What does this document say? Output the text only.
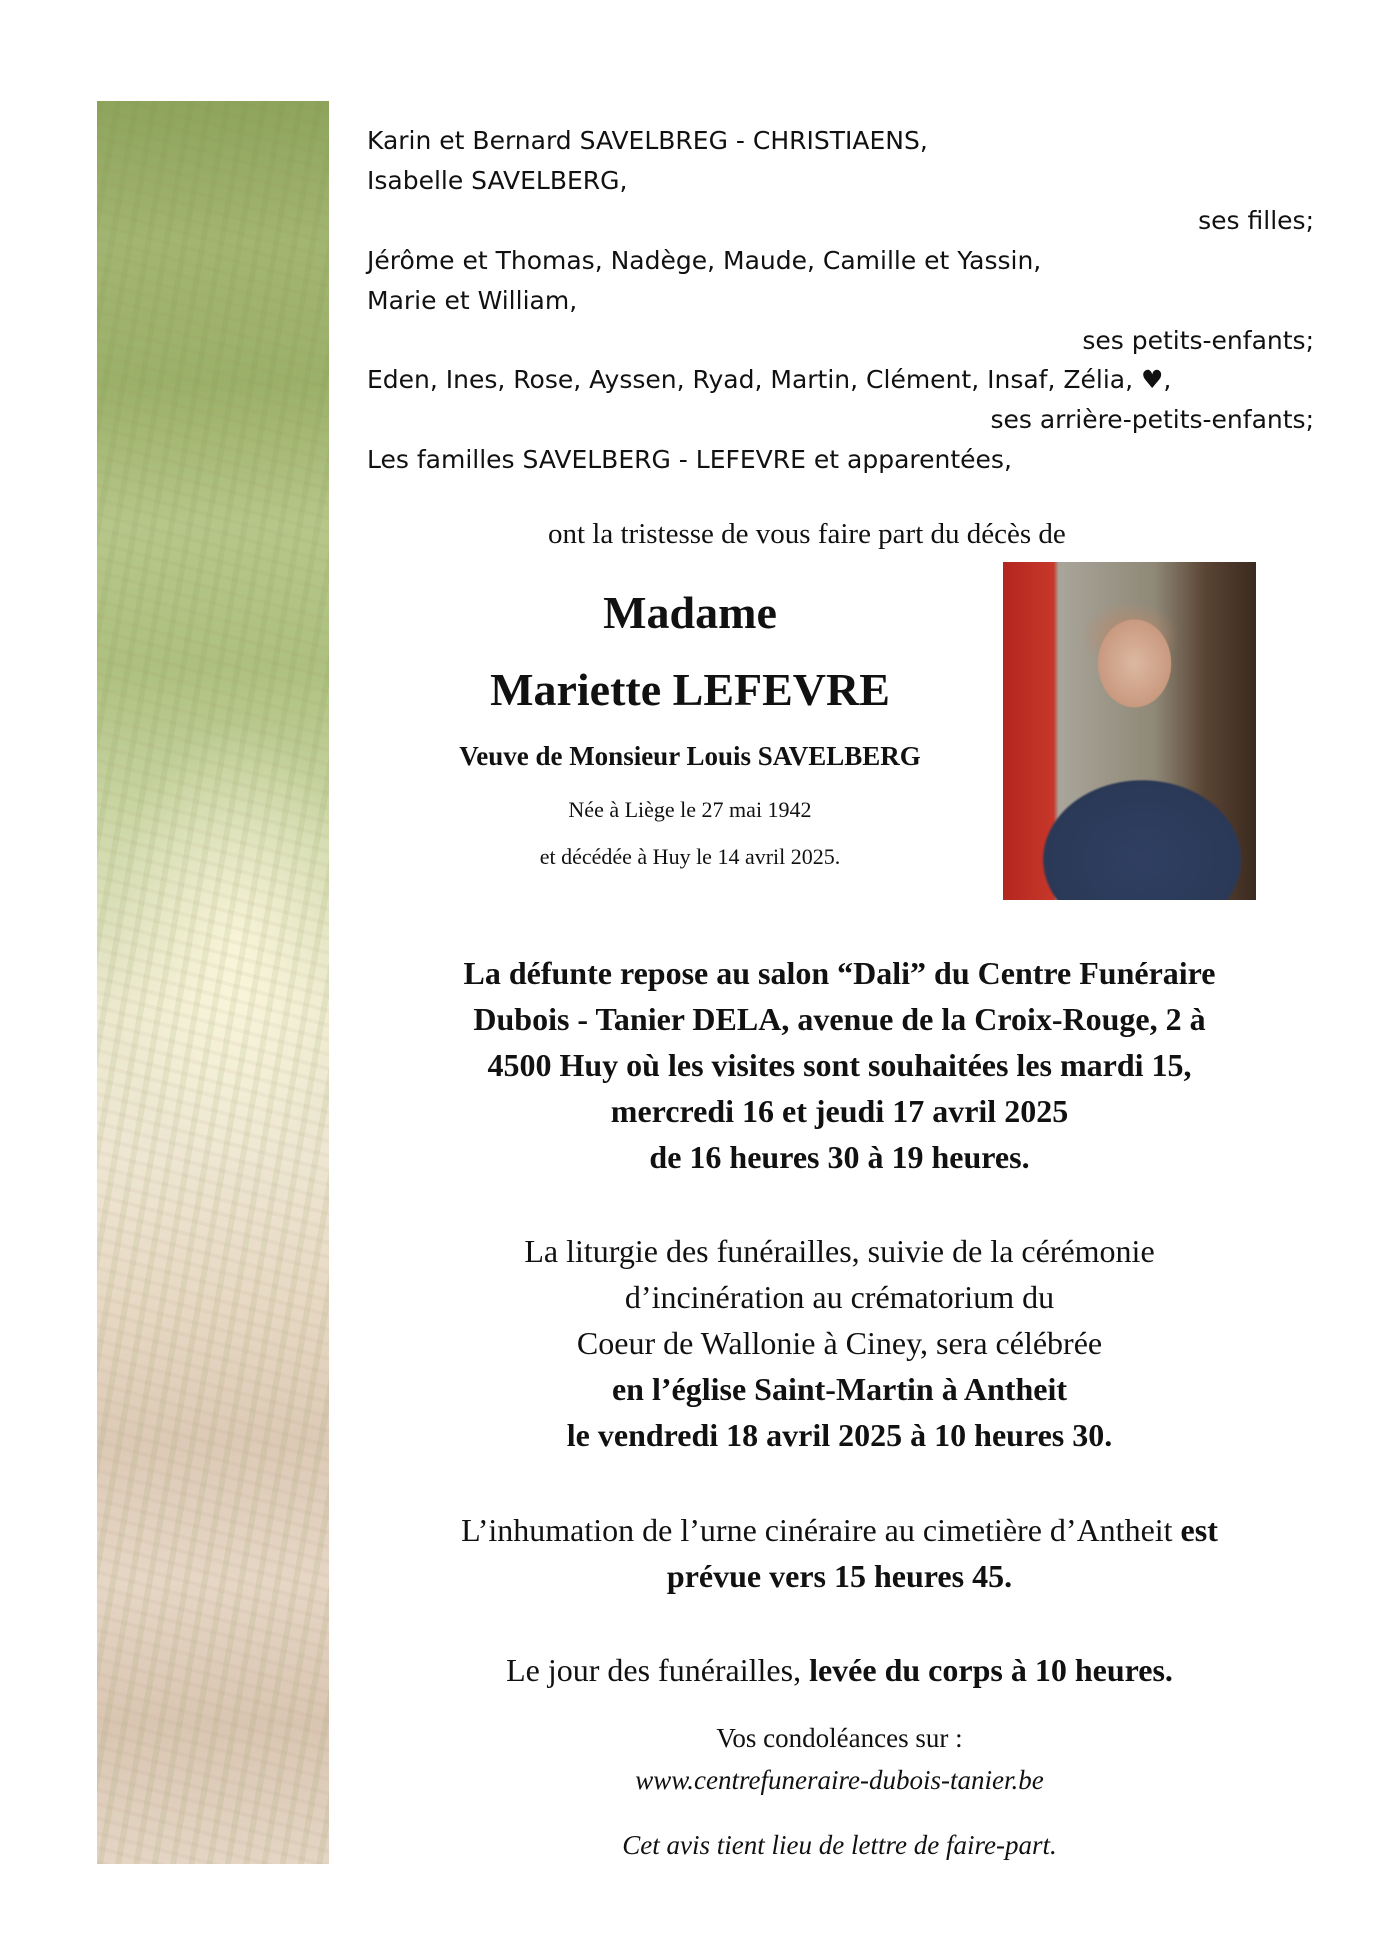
Karin et Bernard SAVELBREG - CHRISTIAENS,
Isabelle SAVELBERG,
ses filles;
Jérôme et Thomas, Nadège, Maude, Camille et Yassin,
Marie et William,
ses petits-enfants;
Eden, Ines, Rose, Ayssen, Ryad, Martin, Clément, Insaf, Zélia, ♥,
ses arrière-petits-enfants;
Les familles SAVELBERG - LEFEVRE et apparentées,
ont la tristesse de vous faire part du décès de
Madame
Mariette LEFEVRE
Veuve de Monsieur Louis SAVELBERG
Née à Liège le 27 mai 1942
et décédée à Huy le 14 avril 2025.
La défunte repose au salon “Dali” du Centre Funéraire
Dubois - Tanier DELA, avenue de la Croix-Rouge, 2 à
4500 Huy où les visites sont souhaitées les mardi 15,
mercredi 16 et jeudi 17 avril 2025
de 16 heures 30 à 19 heures.
La liturgie des funérailles, suivie de la cérémonie
d’incinération au crématorium du
Coeur de Wallonie à Ciney, sera célébrée
en l’église Saint-Martin à Antheit
le vendredi 18 avril 2025 à 10 heures 30.
L’inhumation de l’urne cinéraire au cimetière d’Antheit est
prévue vers 15 heures 45.
Le jour des funérailles, levée du corps à 10 heures.
Vos condoléances sur :
www.centrefuneraire-dubois-tanier.be
Cet avis tient lieu de lettre de faire-part.
